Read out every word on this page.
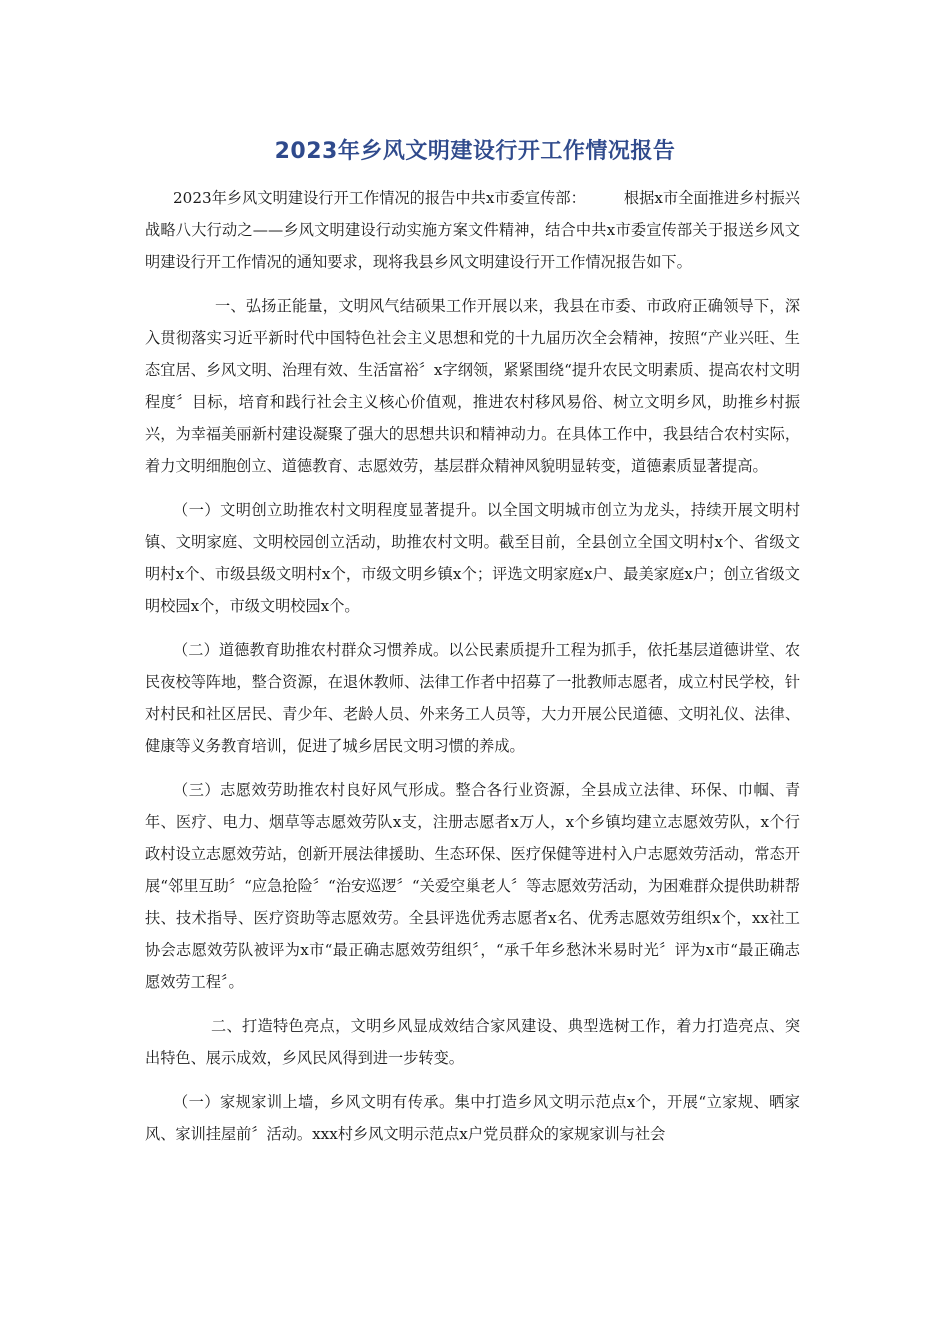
2023年乡风文明建设行开工作情况报告

2023年乡风文明建设行开工作情况的报告中共x市委宣传部：　　　根据x市全面推进乡村振兴战略八大行动之——乡风文明建设行动实施方案文件精神，结合中共x市委宣传部关于报送乡风文明建设行开工作情况的通知要求，现将我县乡风文明建设行开工作情况报告如下。

一、弘扬正能量，文明风气结硕果工作开展以来，我县在市委、市政府正确领导下，深入贯彻落实习近平新时代中国特色社会主义思想和党的十九届历次全会精神，按照“产业兴旺、生态宜居、乡风文明、治理有效、生活富裕〞x字纲领，紧紧围绕“提升农民文明素质、提高农村文明程度〞目标，培育和践行社会主义核心价值观，推进农村移风易俗、树立文明乡风，助推乡村振兴，为幸福美丽新村建设凝聚了强大的思想共识和精神动力。在具体工作中，我县结合农村实际，着力文明细胞创立、道德教育、志愿效劳，基层群众精神风貌明显转变，道德素质显著提高。

（一）文明创立助推农村文明程度显著提升。以全国文明城市创立为龙头，持续开展文明村镇、文明家庭、文明校园创立活动，助推农村文明。截至目前，全县创立全国文明村x个、省级文明村x个、市级县级文明村x个，市级文明乡镇x个；评选文明家庭x户、最美家庭x户；创立省级文明校园x个，市级文明校园x个。

（二）道德教育助推农村群众习惯养成。以公民素质提升工程为抓手，依托基层道德讲堂、农民夜校等阵地，整合资源，在退休教师、法律工作者中招募了一批教师志愿者，成立村民学校，针对村民和社区居民、青少年、老龄人员、外来务工人员等，大力开展公民道德、文明礼仪、法律、健康等义务教育培训，促进了城乡居民文明习惯的养成。

（三）志愿效劳助推农村良好风气形成。整合各行业资源，全县成立法律、环保、巾帼、青年、医疗、电力、烟草等志愿效劳队x支，注册志愿者x万人，x个乡镇均建立志愿效劳队，x个行政村设立志愿效劳站，创新开展法律援助、生态环保、医疗保健等进村入户志愿效劳活动，常态开展“邻里互助〞“应急抢险〞“治安巡逻〞“关爱空巢老人〞等志愿效劳活动，为困难群众提供助耕帮扶、技术指导、医疗资助等志愿效劳。全县评选优秀志愿者x名、优秀志愿效劳组织x个，xx社工协会志愿效劳队被评为x市“最正确志愿效劳组织〞，“承千年乡愁沐米易时光〞评为x市“最正确志愿效劳工程〞。

二、打造特色亮点，文明乡风显成效结合家风建设、典型选树工作，着力打造亮点、突出特色、展示成效，乡风民风得到进一步转变。

（一）家规家训上墙，乡风文明有传承。集中打造乡风文明示范点x个，开展“立家规、晒家风、家训挂屋前〞活动。xxx村乡风文明示范点x户党员群众的家规家训与社会
